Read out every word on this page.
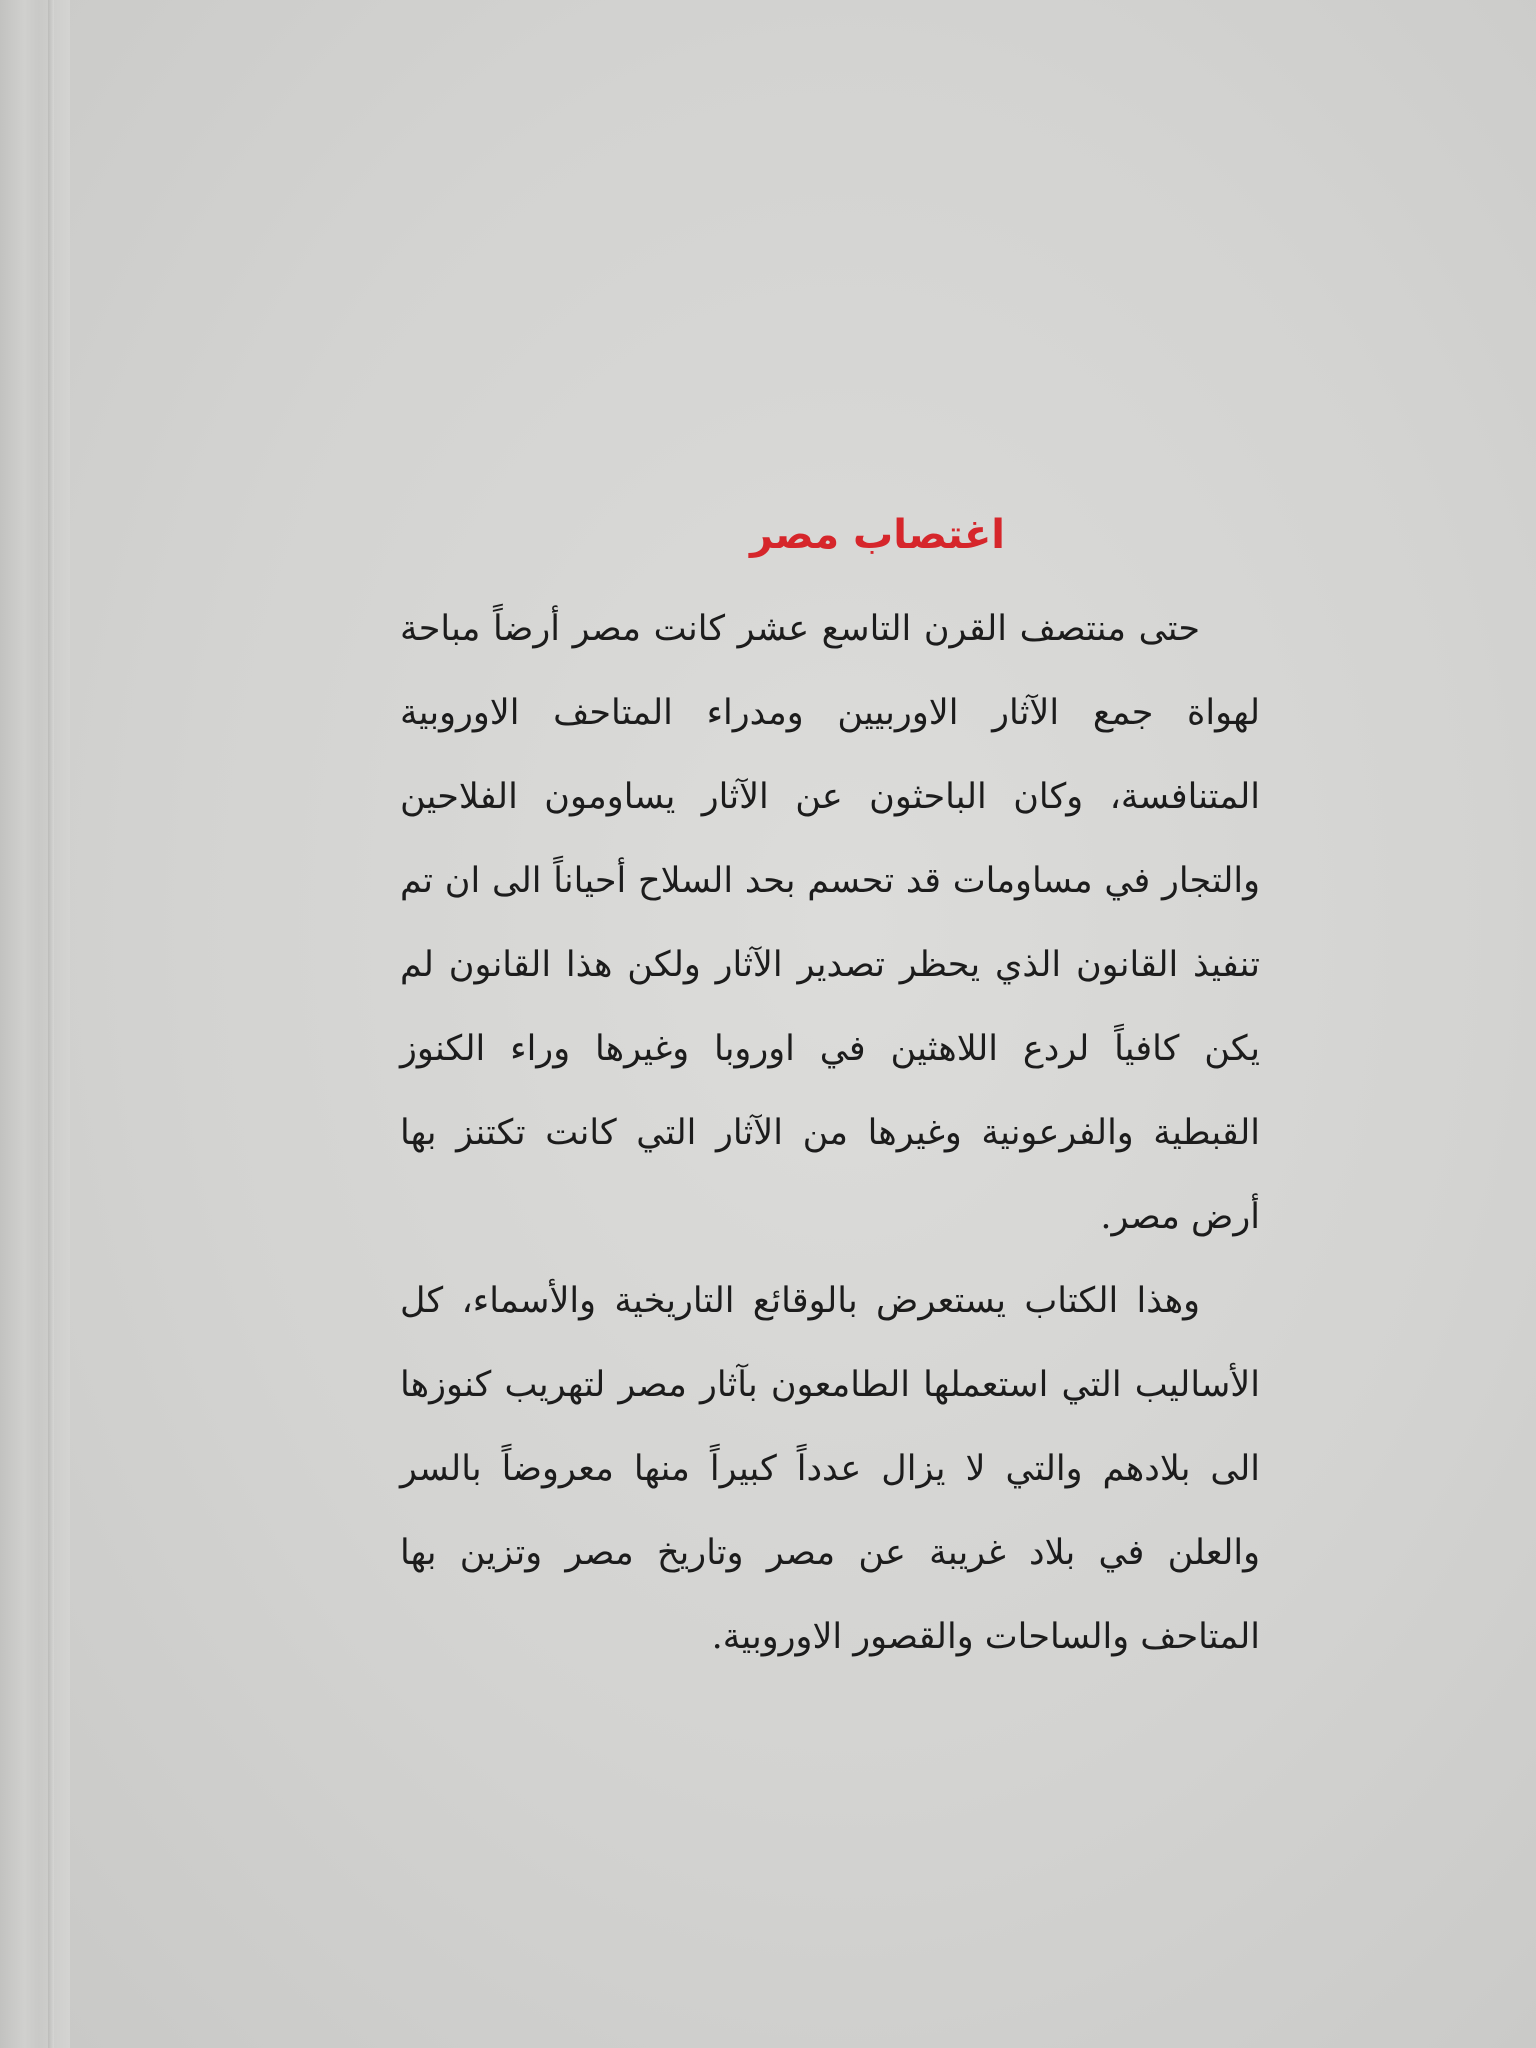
اغتصاب مصر

حتى منتصف القرن التاسع عشر كانت مصر أرضاً مباحة لهواة جمع الآثار الاوربيين ومدراء المتاحف الاوروبية المتنافسة، وكان الباحثون عن الآثار يساومون الفلاحين والتجار في مساومات قد تحسم بحد السلاح أحياناً الى ان تم تنفيذ القانون الذي يحظر تصدير الآثار ولكن هذا القانون لم يكن كافياً لردع اللاهثين في اوروبا وغيرها وراء الكنوز القبطية والفرعونية وغيرها من الآثار التي كانت تكتنز بها أرض مصر.

وهذا الكتاب يستعرض بالوقائع التاريخية والأسماء، كل الأساليب التي استعملها الطامعون بآثار مصر لتهريب كنوزها الى بلادهم والتي لا يزال عدداً كبيراً منها معروضاً بالسر والعلن في بلاد غريبة عن مصر وتاريخ مصر وتزين بها المتاحف والساحات والقصور الاوروبية.
